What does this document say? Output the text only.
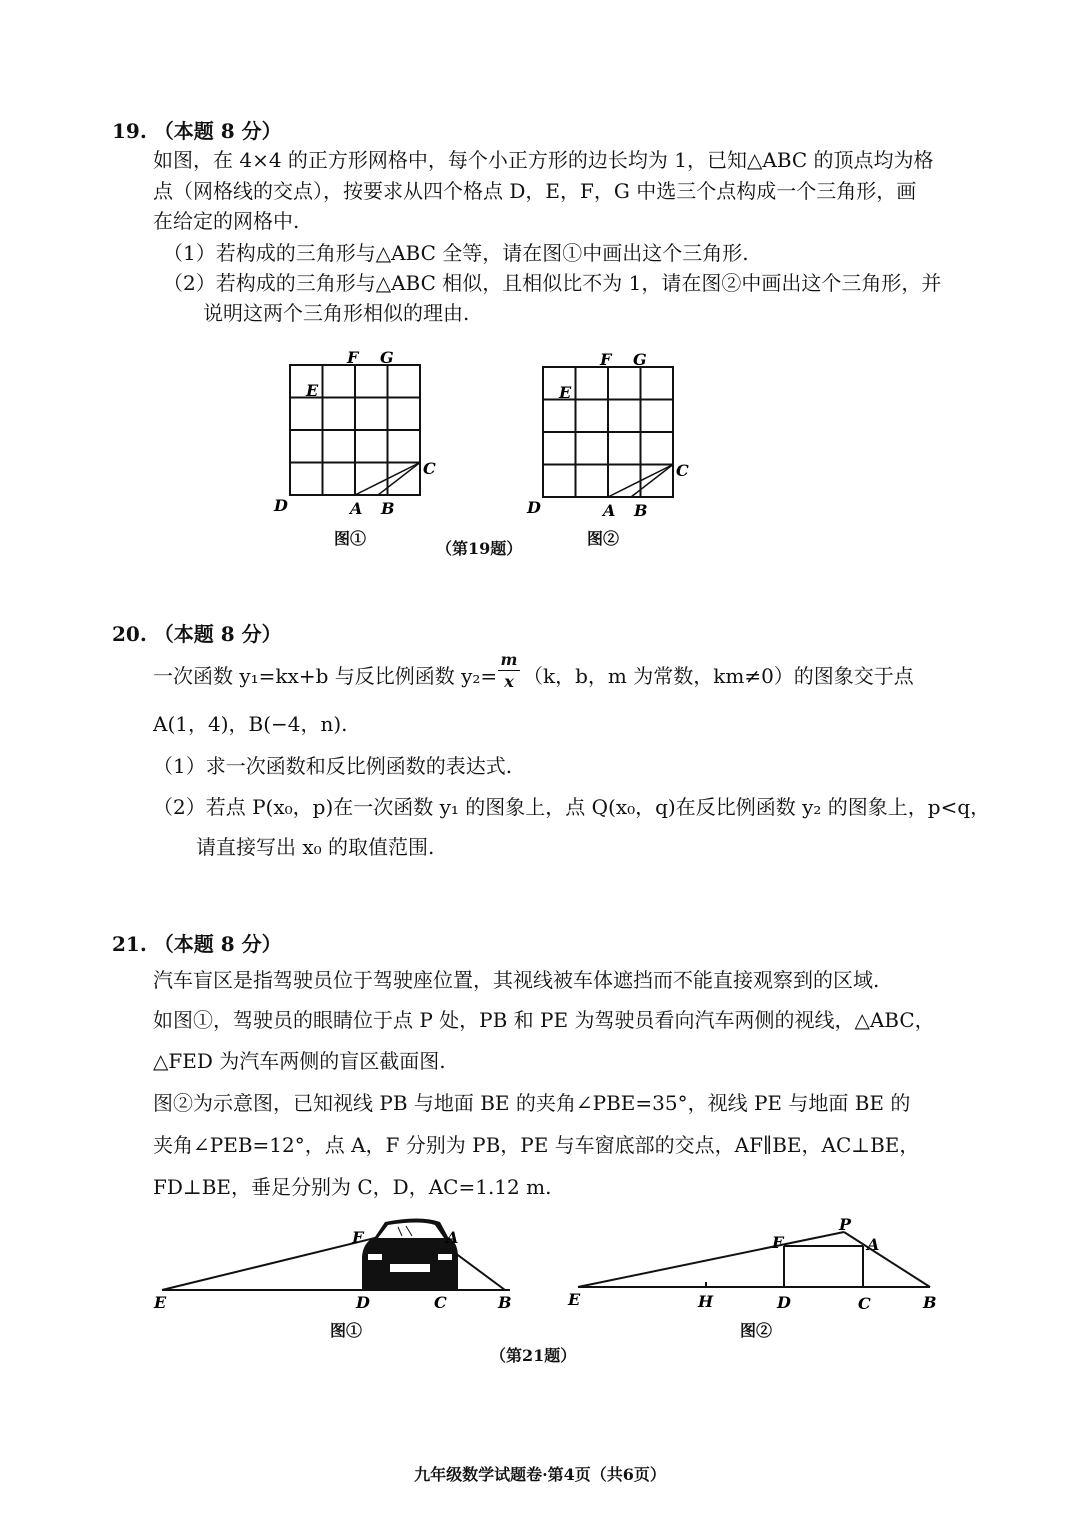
19. （本题 8 分）
如图，在 4×4 的正方形网格中，每个小正方形的边长均为 1，已知△ABC 的顶点均为格
点（网格线的交点），按要求从四个格点 D，E，F，G 中选三个点构成一个三角形，画
在给定的网格中.
（1）若构成的三角形与△ABC 全等，请在图①中画出这个三角形.
（2）若构成的三角形与△ABC 相似，且相似比不为 1，请在图②中画出这个三角形，并
说明这两个三角形相似的理由.
F G
E
C
D	A B
F G
E
C
D	A B
图①
（第19题）
图②
20. （本题 8 分）
一次函数 y₁=kx+b 与反比例函数 y₂=
m
x （k，b，m 为常数，km≠0）的图象交于点
A(1，4)，B(−4，n).
（1）求一次函数和反比例函数的表达式.
（2）若点 P(x₀，p)在一次函数 y₁ 的图象上，点 Q(x₀，q)在反比例函数 y₂ 的图象上，p<q，
请直接写出 x₀ 的取值范围.
21. （本题 8 分）
汽车盲区是指驾驶员位于驾驶座位置，其视线被车体遮挡而不能直接观察到的区域.
如图①，驾驶员的眼睛位于点 P 处，PB 和 PE 为驾驶员看向汽车两侧的视线，△ABC，
△FED 为汽车两侧的盲区截面图.
图②为示意图，已知视线 PB 与地面 BE 的夹角∠PBE=35°，视线 PE 与地面 BE 的
夹角∠PEB=12°，点 A，F 分别为 PB，PE 与车窗底部的交点，AF∥BE，AC⊥BE，
FD⊥BE，垂足分别为 C，D，AC=1.12 m.
F	A
E	D	C	B
P
F	A
E	H	D	C	B
图①	图②
（第21题）
九年级数学试题卷·第4页（共6页）
